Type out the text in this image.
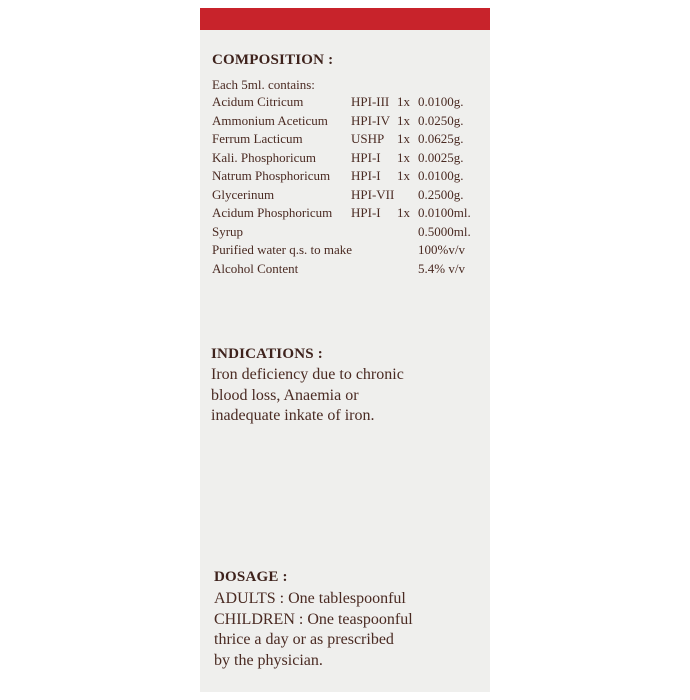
COMPOSITION :
Each 5ml. contains:
Acidum Citricum	HPI-III 1x 0.0100g.
Ammonium Aceticum HPI-IV 1x 0.0250g.
Ferrum Lacticum	USHP 1x 0.0625g.
Kali. Phosphoricum	HPI-I 1x 0.0025g.
Natrum Phosphoricum HPI-I 1x 0.0100g.
Glycerinum	HPI-VII 0.2500g.
Acidum Phosphoricum HPI-I 1x 0.0100ml.
Syrup	0.5000ml.
Purified water q.s. to make	100%v/v
Alcohol Content	5.4% v/v
INDICATIONS :
Iron deficiency due to chronic
blood loss, Anaemia or
inadequate inkate of iron.
DOSAGE :
ADULTS : One tablespoonful
CHILDREN : One teaspoonful
thrice a day or as prescribed
by the physician.
